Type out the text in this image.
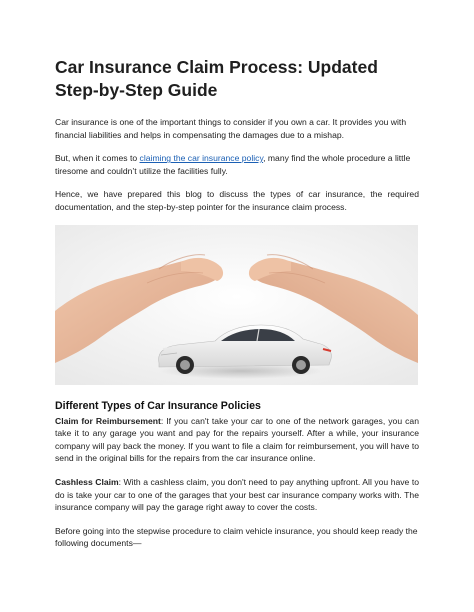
Car Insurance Claim Process: Updated Step-by-Step Guide

Car insurance is one of the important things to consider if you own a car. It provides you with financial liabilities and helps in compensating the damages due to a mishap.

But, when it comes to claiming the car insurance policy, many find the whole procedure a little tiresome and couldn’t utilize the facilities fully.

Hence, we have prepared this blog to discuss the types of car insurance, the required documentation, and the step-by-step pointer for the insurance claim process.

Different Types of Car Insurance Policies

Claim for Reimbursement: If you can't take your car to one of the network garages, you can take it to any garage you want and pay for the repairs yourself. After a while, your insurance company will pay back the money. If you want to file a claim for reimbursement, you will have to send in the original bills for the repairs from the car insurance online.

Cashless Claim: With a cashless claim, you don't need to pay anything upfront. All you have to do is take your car to one of the garages that your best car insurance company works with. The insurance company will pay the garage right away to cover the costs.

Before going into the stepwise procedure to claim vehicle insurance, you should keep ready the following documents—
